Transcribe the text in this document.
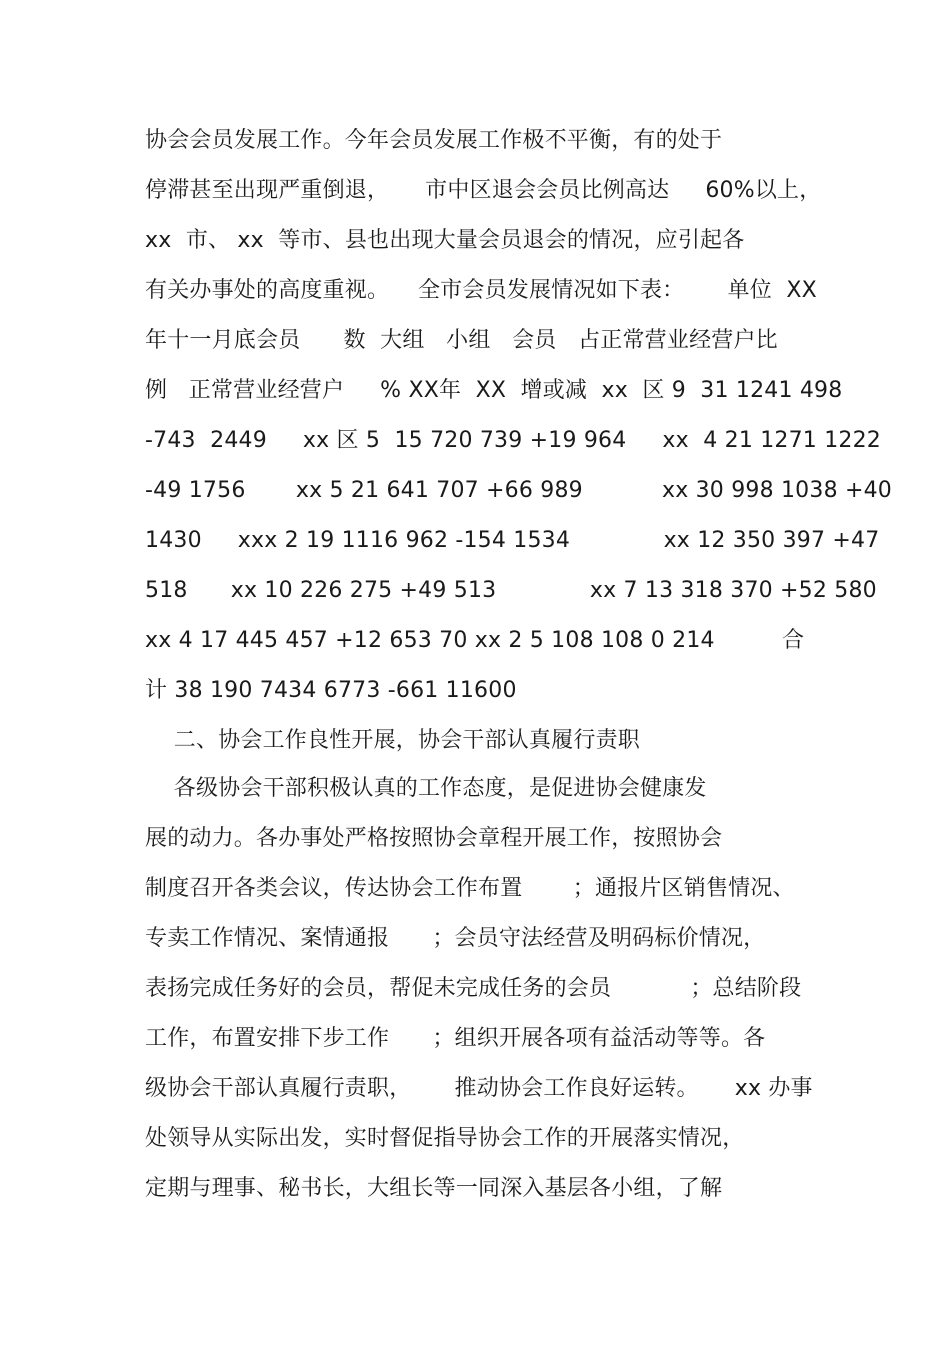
协会会员发展工作。今年会员发展工作极不平衡，有的处于
停滞甚至出现严重倒退，     市中区退会会员比例高达     60%以上，
xx  市、 xx  等市、县也出现大量会员退会的情况，应引起各
有关办事处的高度重视。    全市会员发展情况如下表：      单位  XX
年十一月底会员      数  大组   小组   会员   占正常营业经营户比
例   正常营业经营户     % XX年  XX  增或减  xx  区 9  31 1241 498
-743  2449     xx 区 5  15 720 739 +19 964     xx  4 21 1271 1222
-49 1756       xx 5 21 641 707 +66 989           xx 30 998 1038 +40
1430     xxx 2 19 1116 962 -154 1534             xx 12 350 397 +47
518      xx 10 226 275 +49 513             xx 7 13 318 370 +52 580
xx 4 17 445 457 +12 653 70 xx 2 5 108 108 0 214	合
计 38 190 7434 6773 -661 11600
二、协会工作良性开展，协会干部认真履行责职
各级协会干部积极认真的工作态度，是促进协会健康发
展的动力。各办事处严格按照协会章程开展工作，按照协会
制度召开各类会议，传达协会工作布置       ；通报片区销售情况、
专卖工作情况、案情通报      ；会员守法经营及明码标价情况，
表扬完成任务好的会员，帮促未完成任务的会员           ；总结阶段
工作，布置安排下步工作      ；组织开展各项有益活动等等。各
级协会干部认真履行责职，      推动协会工作良好运转。     xx 办事
处领导从实际出发，实时督促指导协会工作的开展落实情况，
定期与理事、秘书长，大组长等一同深入基层各小组，了解
